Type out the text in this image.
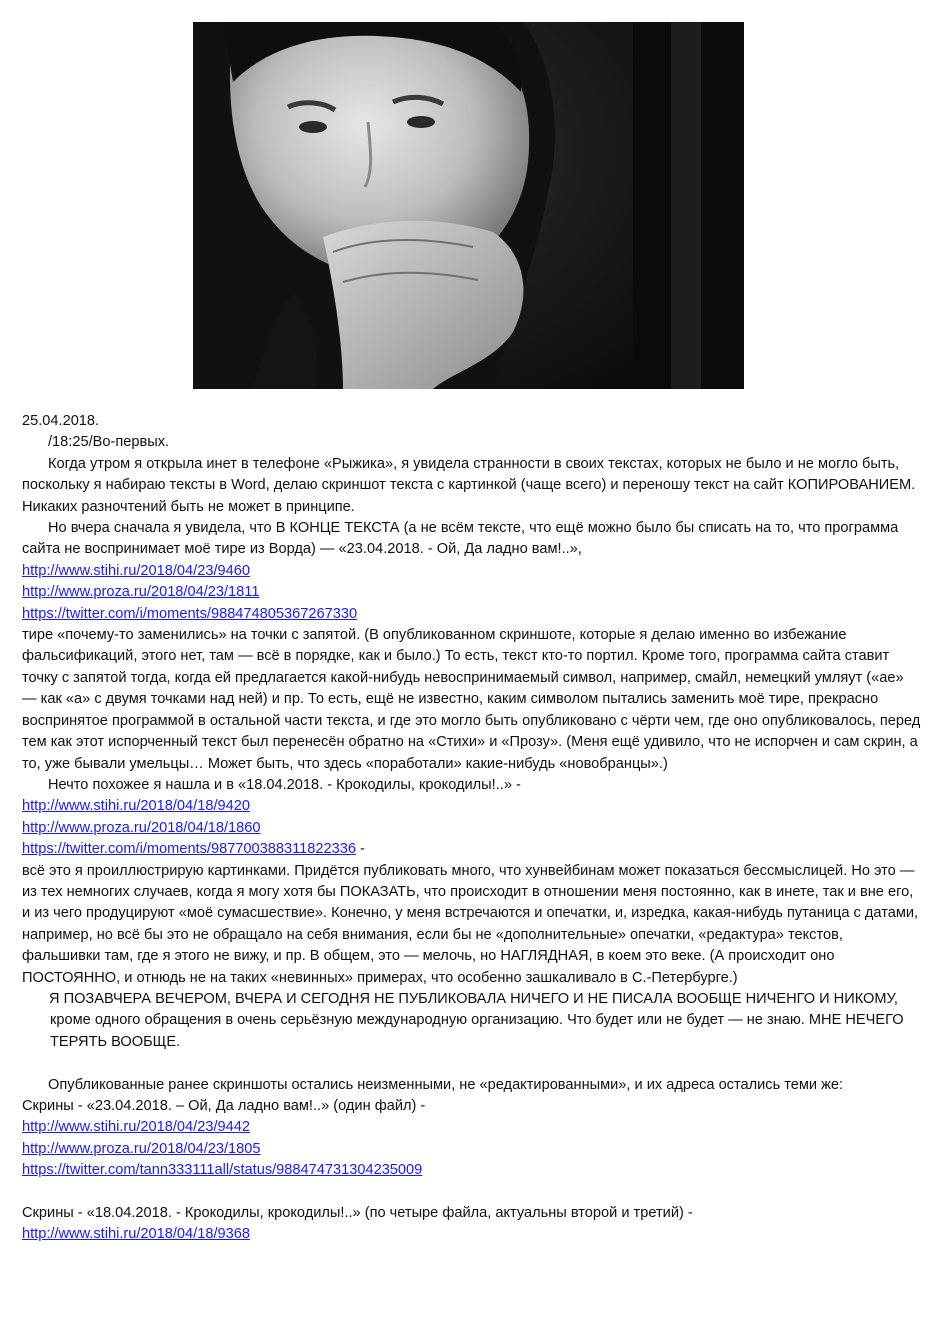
25.04.2018.

/18:25/Во-первых.

Когда утром я открыла инет в телефоне «Рыжика», я увидела странности в своих текстах, которых не было и не могло быть, поскольку я набираю тексты в Word, делаю скриншот текста с картинкой (чаще всего) и переношу текст на сайт КОПИРОВАНИЕМ. Никаких разночтений быть не может в принципе.

Но вчера сначала я увидела, что В КОНЦЕ ТЕКСТА (а не всём тексте, что ещё можно было бы списать на то, что программа сайта не воспринимает моё тире из Ворда) — «23.04.2018. - Ой, Да ладно вам!..»,

http://www.stihi.ru/2018/04/23/9460

http://www.proza.ru/2018/04/23/1811

https://twitter.com/i/moments/988474805367267330

тире «почему-то заменились» на точки с запятой. (В опубликованном скриншоте, которые я делаю именно во избежание фальсификаций, этого нет, там — всё в порядке, как и было.) То есть, текст кто-то портил. Кроме того, программа сайта ставит точку с запятой тогда, когда ей предлагается какой-нибудь невоспринимаемый символ, например, смайл, немецкий умляут («ае» — как «а» с двумя точками над ней) и пр. То есть, ещё не известно, каким символом пытались заменить моё тире, прекрасно воспринятое программой в остальной части текста, и где это могло быть опубликовано с чёрти чем, где оно опубликовалось, перед тем как этот испорченный текст был перенесён обратно на «Стихи» и «Прозу». (Меня ещё удивило, что не испорчен и сам скрин, а то, уже бывали умельцы… Может быть, что здесь «поработали» какие-нибудь «новобранцы».)

Нечто похожее я нашла и в «18.04.2018. - Крокодилы, крокодилы!..» -

http://www.stihi.ru/2018/04/18/9420

http://www.proza.ru/2018/04/18/1860

https://twitter.com/i/moments/987700388311822336 -

всё это я проиллюстрирую картинками. Придётся публиковать много, что хунвейбинам может показаться бессмыслицей. Но это — из тех немногих случаев, когда я могу хотя бы ПОКАЗАТЬ, что происходит в отношении меня постоянно, как в инете, так и вне его, и из чего продуцируют «моё сумасшествие». Конечно, у меня встречаются и опечатки, и, изредка, какая-нибудь путаница с датами, например, но всё бы это не обращало на себя внимания, если бы не «дополнительные» опечатки, «редактура» текстов, фальшивки там, где я этого не вижу, и пр. В общем, это — мелочь, но НАГЛЯДНАЯ, в коем это веке. (А происходит оно ПОСТОЯННО, и отнюдь не на таких «невинных» примерах, что особенно зашкаливало в С.-Петербурге.)

Я ПОЗАВЧЕРА ВЕЧЕРОМ, ВЧЕРА И СЕГОДНЯ НЕ ПУБЛИКОВАЛА НИЧЕГО И НЕ ПИСАЛА ВООБЩЕ НИЧЕНГО И НИКОМУ, кроме одного обращения в очень серьёзную международную организацию. Что будет или не будет — не знаю. МНЕ НЕЧЕГО ТЕРЯТЬ ВООБЩЕ.

Опубликованные ранее скриншоты остались неизменными, не «редактированными», и их адреса остались теми же:

Скрины - «23.04.2018. – Ой, Да ладно вам!..» (один файл) -

http://www.stihi.ru/2018/04/23/9442

http://www.proza.ru/2018/04/23/1805

https://twitter.com/tann333111all/status/988474731304235009

Скрины - «18.04.2018. - Крокодилы, крокодилы!..» (по четыре файла, актуальны второй и третий) -

http://www.stihi.ru/2018/04/18/9368
